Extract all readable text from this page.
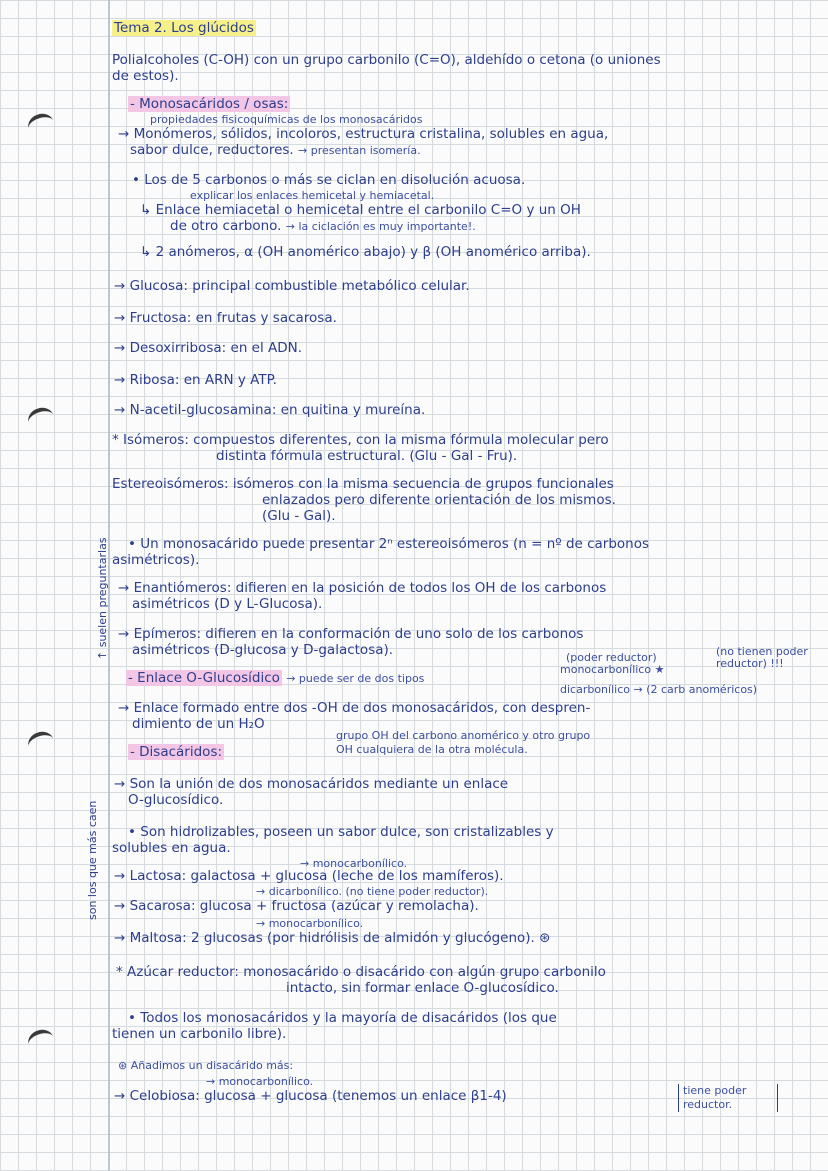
↑ suelen preguntarlas
son los que más caen
Tema 2. Los glúcidos
Polialcoholes (C-OH) con un grupo carbonilo (C=O), aldehído o cetona (o uniones
de estos).
- Monosacáridos / osas:
propiedades fisicoquímicas de los monosacáridos
→ Monómeros, sólidos, incoloros, estructura cristalina, solubles en agua,
sabor dulce, reductores. → presentan isomería.
• Los de 5 carbonos o más se ciclan en disolución acuosa.
explicar los enlaces hemicetal y hemiacetal.
↳ Enlace hemiacetal o hemicetal entre el carbonilo C=O y un OH
de otro carbono. → la ciclación es muy importante!.
↳ 2 anómeros, α (OH anomérico abajo) y β (OH anomérico arriba).
→ Glucosa: principal combustible metabólico celular.
→ Fructosa: en frutas y sacarosa.
→ Desoxirribosa: en el ADN.
→ Ribosa: en ARN y ATP.
→ N-acetil-glucosamina: en quitina y mureína.
* Isómeros: compuestos diferentes, con la misma fórmula molecular pero
distinta fórmula estructural. (Glu - Gal - Fru).
Estereoisómeros: isómeros con la misma secuencia de grupos funcionales
enlazados pero diferente orientación de los mismos.
(Glu - Gal).
• Un monosacárido puede presentar 2ⁿ estereoisómeros (n = nº de carbonos
asimétricos).
→ Enantiómeros: difieren en la posición de todos los OH de los carbonos
asimétricos (D y L-Glucosa).
→ Epímeros: difieren en la conformación de uno solo de los carbonos
asimétricos (D-glucosa y D-galactosa).	(poder reductor)
monocarbonílico ★
(no tienen poder reductor) !!!
- Enlace O-Glucosídico → puede ser de dos tipos
dicarbonílico → (2 carb anoméricos)
→ Enlace formado entre dos -OH de dos monosacáridos, con despren-
dimiento de un H₂O
grupo OH del carbono anomérico y otro grupo
OH cualquiera de la otra molécula.
- Disacáridos:
→ Son la unión de dos monosacáridos mediante un enlace
O-glucosídico.
• Son hidrolizables, poseen un sabor dulce, son cristalizables y
solubles en agua.
→ monocarbonílico.
→ Lactosa: galactosa + glucosa (leche de los mamíferos).
→ dicarbonílico. (no tiene poder reductor).
→ Sacarosa: glucosa + fructosa (azúcar y remolacha).
→ monocarbonílico.
→ Maltosa: 2 glucosas (por hidrólisis de almidón y glucógeno). ⊛
* Azúcar reductor: monosacárido o disacárido con algún grupo carbonilo
intacto, sin formar enlace O-glucosídico.
• Todos los monosacáridos y la mayoría de disacáridos (los que
tienen un carbonilo libre).
⊛ Añadimos un disacárido más:
→ monocarbonílico.
→ Celobiosa: glucosa + glucosa (tenemos un enlace β1-4)	tiene poder reductor.
